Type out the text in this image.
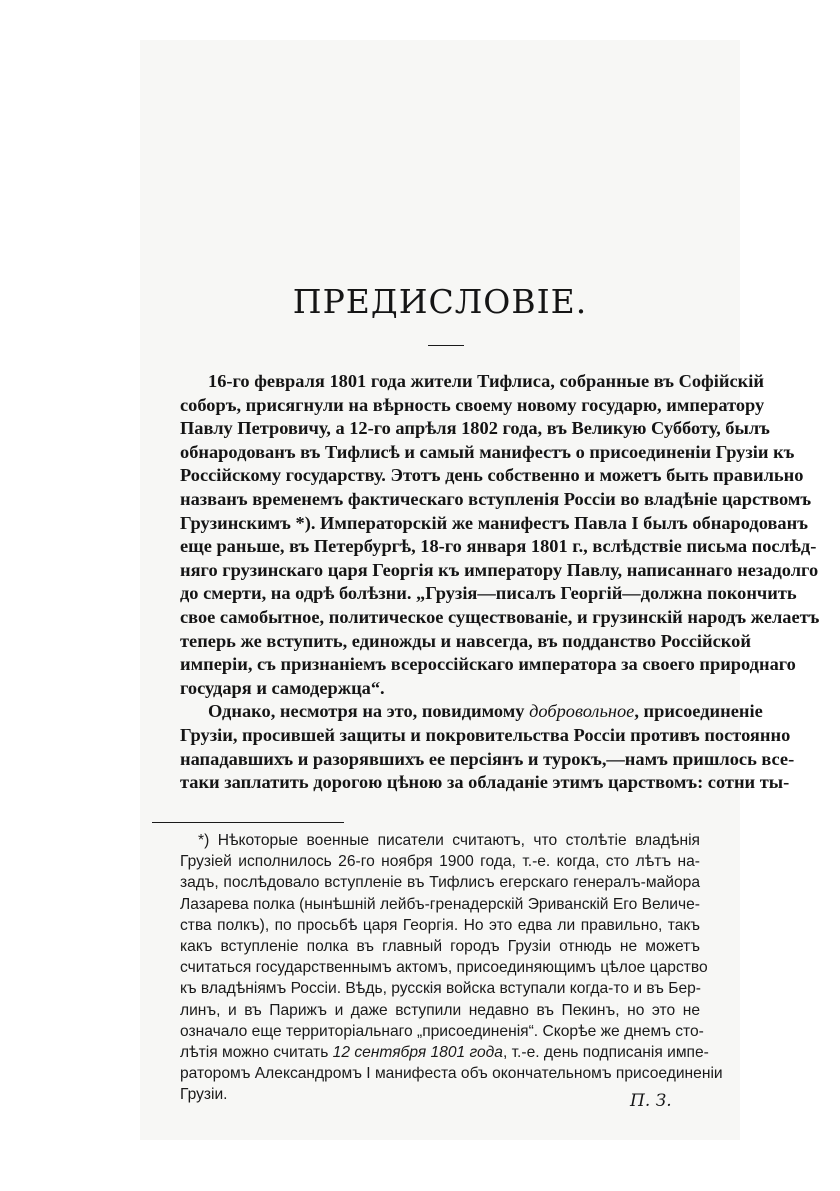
ПРЕДИСЛОВІЕ.
16-го февраля 1801 года жители Тифлиса, собранные въ Софійскій
соборъ, присягнули на вѣрность своему новому государю, императору
Павлу Петровичу, а 12-го апрѣля 1802 года, въ Великую Субботу, былъ
обнародованъ въ Тифлисѣ и самый манифестъ о присоединеніи Грузіи къ
Россійскому государству. Этотъ день собственно и можетъ быть правильно
названъ временемъ фактическаго вступленія Россіи во владѣніе царствомъ
Грузинскимъ *). Императорскій же манифестъ Павла I былъ обнародованъ
еще раньше, въ Петербургѣ, 18-го января 1801 г., вслѣдствіе письма послѣд-
няго грузинскаго царя Георгія къ императору Павлу, написаннаго незадолго
до смерти, на одрѣ болѣзни. „Грузія—писалъ Георгій—должна покончить
свое самобытное, политическое существованіе, и грузинскій народъ желаетъ
теперь же вступить, единожды и навсегда, въ подданство Россійской
имперіи, съ признаніемъ всероссійскаго императора за своего природнаго
государя и самодержца“.
Однако, несмотря на это, повидимому добровольное, присоединеніе
Грузіи, просившей защиты и покровительства Россіи противъ постоянно
нападавшихъ и разорявшихъ ее персіянъ и турокъ,—намъ пришлось все-
таки заплатить дорогою цѣною за обладаніе этимъ царствомъ: сотни ты-
*) Нѣкоторые военные писатели считаютъ, что столѣтіе владѣнія
Грузіей исполнилось 26-го ноября 1900 года, т.-е. когда, сто лѣтъ на-
задъ, послѣдовало вступленіе въ Тифлисъ егерскаго генералъ-майора
Лазарева полка (нынѣшній лейбъ-гренадерскій Эриванскій Его Величе-
ства полкъ), по просьбѣ царя Георгія. Но это едва ли правильно, такъ
какъ вступленіе полка въ главный городъ Грузіи отнюдь не можетъ
считаться государственнымъ актомъ, присоединяющимъ цѣлое царство
къ владѣніямъ Россіи. Вѣдь, русскія войска вступали когда-то и въ Бер-
линъ, и въ Парижъ и даже вступили недавно въ Пекинъ, но это не
означало еще территоріальнаго „присоединенія“. Скорѣе же днемъ сто-
лѣтія можно считать 12 сентября 1801 года, т.-е. день подписанія импе-
раторомъ Александромъ I манифеста объ окончательномъ присоединеніи
Грузіи.	П. З.
